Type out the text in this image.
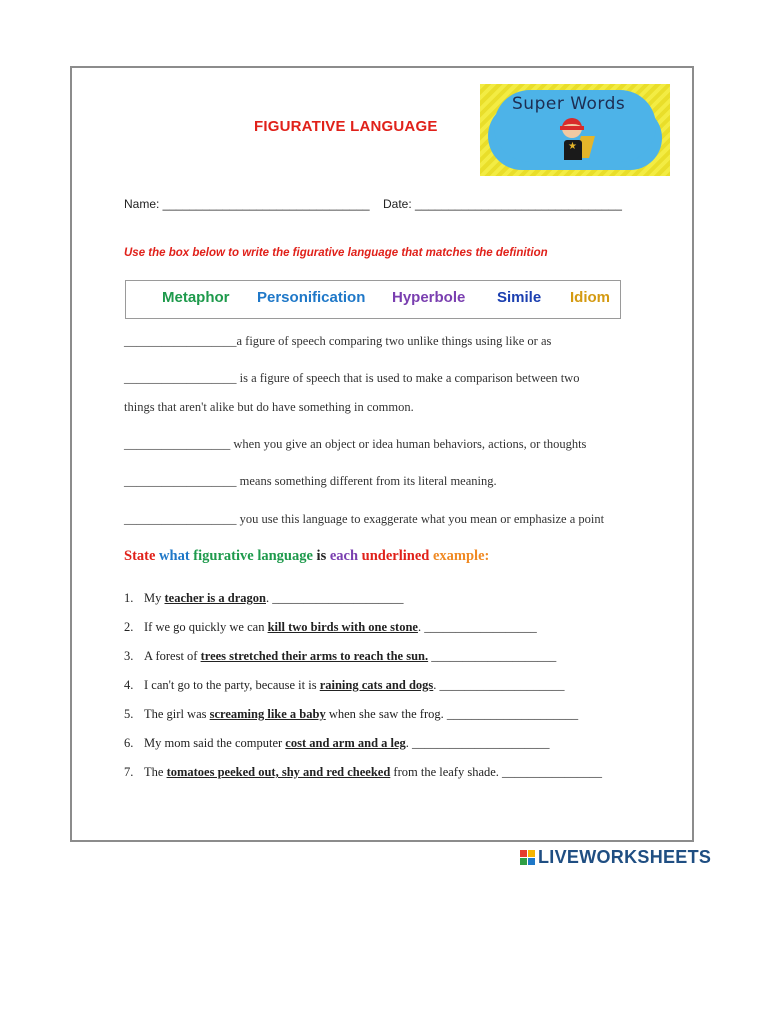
FIGURATIVE LANGUAGE
Super Words
★
Name: _______________________________ Date: _______________________________
Use the box below to write the figurative language that matches the definition
Metaphor Personification Hyperbole Simile Idiom
__________________a figure of speech comparing two unlike things using like or as
__________________ is a figure of speech that is used to make a comparison between two
things that aren't alike but do have something in common.
_________________ when you give an object or idea human behaviors, actions, or thoughts
__________________ means something different from its literal meaning.
__________________ you use this language to exaggerate what you mean or emphasize a point
State what figurative language is each underlined example:
1. My teacher is a dragon. _____________________
2. If we go quickly we can kill two birds with one stone. __________________
3. A forest of trees stretched their arms to reach the sun. ____________________
4. I can't go to the party, because it is raining cats and dogs. ____________________
5. The girl was screaming like a baby when she saw the frog. _____________________
6. My mom said the computer cost and arm and a leg. ______________________
7. The tomatoes peeked out, shy and red cheeked from the leafy shade. ________________
LIVEWORKSHEETS
